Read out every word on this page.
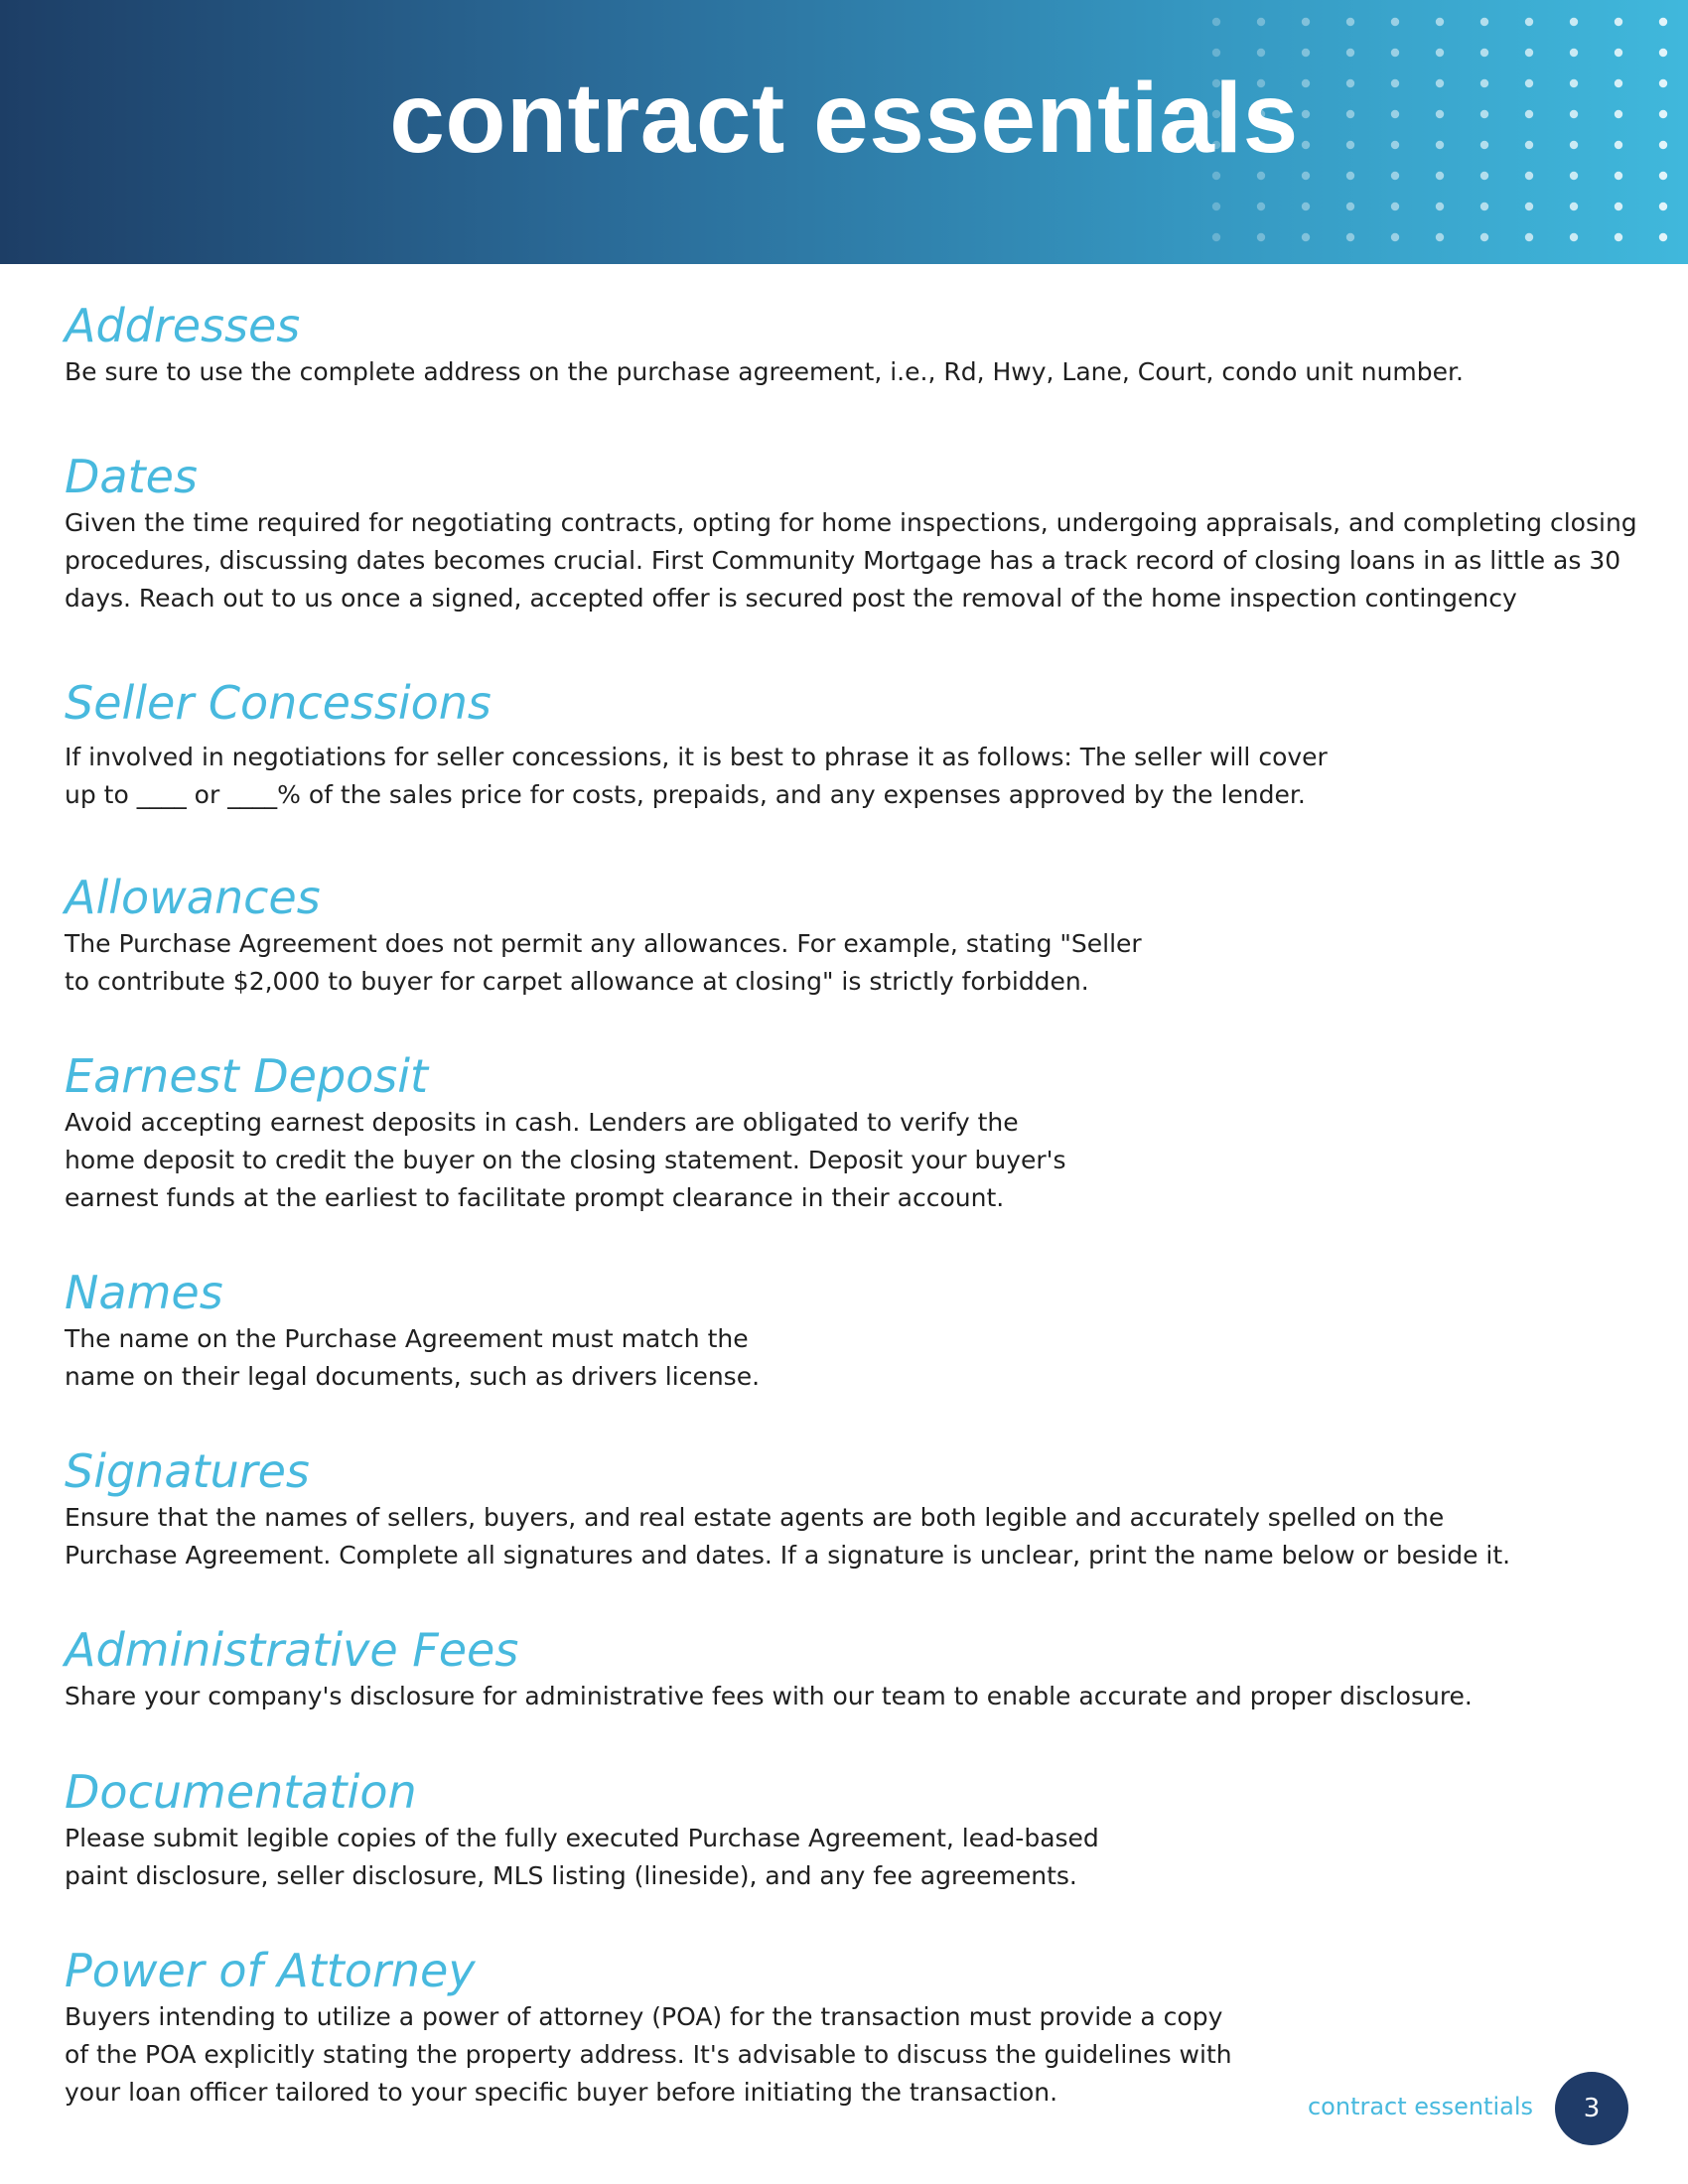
contract essentials
Addresses

Be sure to use the complete address on the purchase agreement, i.e., Rd, Hwy, Lane, Court, condo unit number.

Dates

Given the time required for negotiating contracts, opting for home inspections, undergoing appraisals, and completing closing
procedures, discussing dates becomes crucial. First Community Mortgage has a track record of closing loans in as little as 30
days. Reach out to us once a signed, accepted offer is secured post the removal of the home inspection contingency

Seller Concessions

If involved in negotiations for seller concessions, it is best to phrase it as follows: The seller will cover
up to ____ or ____% of the sales price for costs, prepaids, and any expenses approved by the lender.

Allowances

The Purchase Agreement does not permit any allowances. For example, stating "Seller
to contribute $2,000 to buyer for carpet allowance at closing" is strictly forbidden.

Earnest Deposit

Avoid accepting earnest deposits in cash. Lenders are obligated to verify the
home deposit to credit the buyer on the closing statement. Deposit your buyer's
earnest funds at the earliest to facilitate prompt clearance in their account.

Names

The name on the Purchase Agreement must match the
name on their legal documents, such as drivers license.

Signatures

Ensure that the names of sellers, buyers, and real estate agents are both legible and accurately spelled on the
Purchase Agreement. Complete all signatures and dates. If a signature is unclear, print the name below or beside it.

Administrative Fees

Share your company's disclosure for administrative fees with our team to enable accurate and proper disclosure.

Documentation

Please submit legible copies of the fully executed Purchase Agreement, lead-based
paint disclosure, seller disclosure, MLS listing (lineside), and any fee agreements.

Power of Attorney

Buyers intending to utilize a power of attorney (POA) for the transaction must provide a copy
of the POA explicitly stating the property address. It's advisable to discuss the guidelines with
your loan officer tailored to your specific buyer before initiating the transaction.	contract essentials	3
